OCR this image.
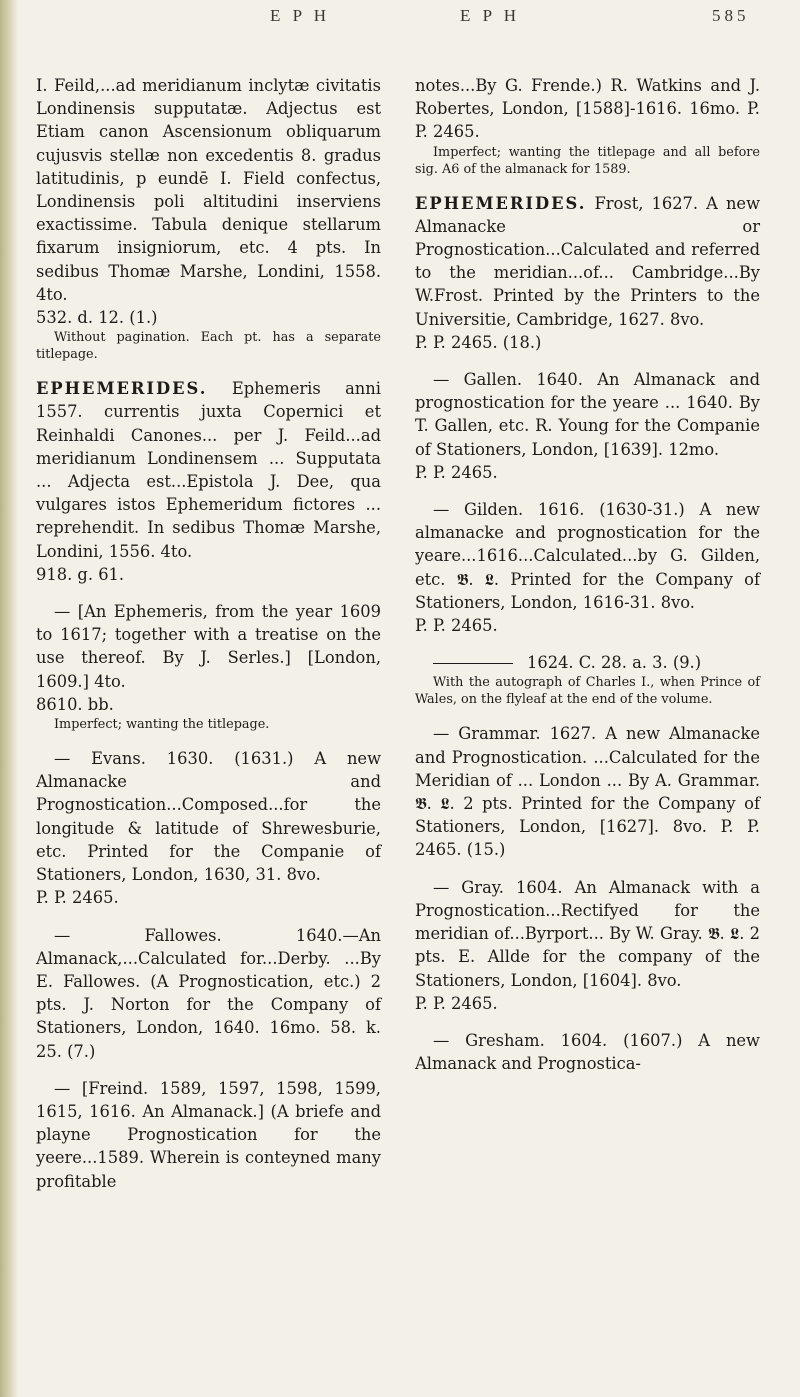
E P H	E P H	585

I. Feild,...ad meridianum inclytæ civitatis Londinensis supputatæ. Adjectus est Etiam canon Ascensionum obliquarum cujusvis stellæ non excedentis 8. gradus latitudinis, p eundē I. Field confectus, Londinensis poli altitudini inserviens exactissime. Tabula denique stellarum fixarum insigniorum, etc. 4 pts. In sedibus Thomæ Marshe, Londini, 1558. 4to.

532. d. 12. (1.)

Without pagination. Each pt. has a separate titlepage.

EPHEMERIDES. Ephemeris anni 1557. currentis juxta Copernici et Reinhaldi Canones... per J. Feild...ad meridianum Londinensem ... Supputata ... Adjecta est...Epistola J. Dee, qua vulgares istos Ephemeridum fictores ... reprehendit. In sedibus Thomæ Marshe, Londini, 1556. 4to.

918. g. 61.

— [An Ephemeris, from the year 1609 to 1617; together with a treatise on the use thereof. By J. Serles.] [London, 1609.] 4to.

8610. bb.

Imperfect; wanting the titlepage.

— Evans. 1630. (1631.) A new Almanacke and Prognostication...Composed...for the longitude & latitude of Shrewesburie, etc. Printed for the Companie of Stationers, London, 1630, 31. 8vo.

P. P. 2465.

— Fallowes. 1640.—An Almanack,...Calculated for...Derby. ...By E. Fallowes. (A Prognostication, etc.) 2 pts. J. Norton for the Company of Stationers, London, 1640. 16mo. 58. k. 25. (7.)

— [Freind. 1589, 1597, 1598, 1599, 1615, 1616. An Almanack.] (A briefe and playne Prognostication for the yeere...1589. Wherein is conteyned many profitable

notes...By G. Frende.) R. Watkins and J. Robertes, London, [1588]-1616. 16mo. P. P. 2465.

Imperfect; wanting the titlepage and all before sig. A6 of the almanack for 1589.

EPHEMERIDES. Frost, 1627. A new Almanacke or Prognostication...Calculated and referred to the meridian...of... Cambridge...By W.Frost. Printed by the Printers to the Universitie, Cambridge, 1627. 8vo.

P. P. 2465. (18.)

— Gallen. 1640. An Almanack and prognostication for the yeare ... 1640. By T. Gallen, etc. R. Young for the Companie of Stationers, London, [1639]. 12mo.

P. P. 2465.

— Gilden. 1616. (1630-31.) A new almanacke and prognostication for the yeare...1616...Calculated...by G. Gilden, etc. 𝕭. 𝕷. Printed for the Company of Stationers, London, 1616-31. 8vo.

P. P. 2465.

1624. C. 28. a. 3. (9.)

With the autograph of Charles I., when Prince of Wales, on the flyleaf at the end of the volume.

— Grammar. 1627. A new Almanacke and Prognostication. ...Calculated for the Meridian of ... London ... By A. Grammar. 𝕭. 𝕷. 2 pts. Printed for the Company of Stationers, London, [1627]. 8vo. P. P. 2465. (15.)

— Gray. 1604. An Almanack with a Prognostication...Rectifyed for the meridian of...Byrport... By W. Gray. 𝕭. 𝕷. 2 pts. E. Allde for the company of the Stationers, London, [1604]. 8vo.

P. P. 2465.

— Gresham. 1604. (1607.) A new Almanack and Prognostica-
